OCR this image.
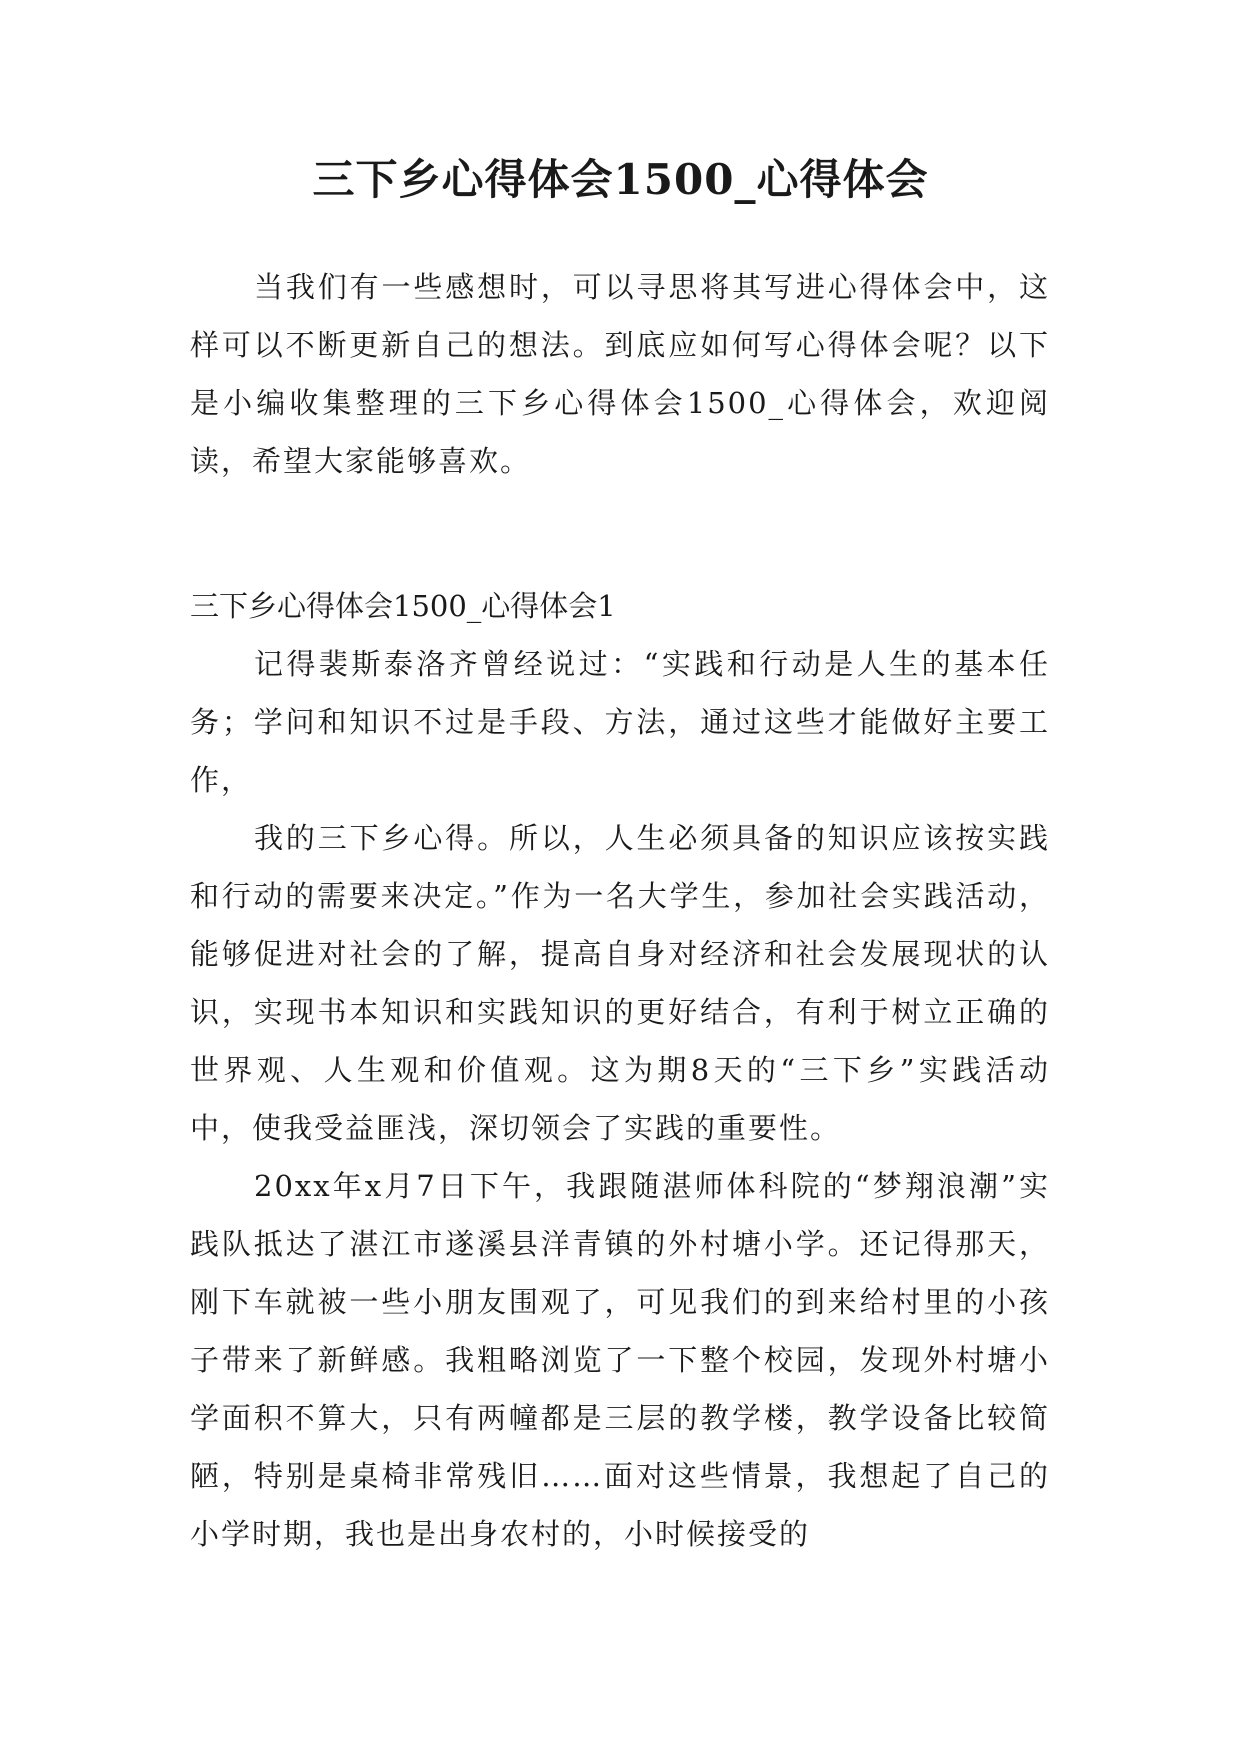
三下乡心得体会1500_心得体会

当我们有一些感想时，可以寻思将其写进心得体会中，这样可以不断更新自己的想法。到底应如何写心得体会呢？以下是小编收集整理的三下乡心得体会1500_心得体会，欢迎阅读，希望大家能够喜欢。

三下乡心得体会1500_心得体会1

记得裴斯泰洛齐曾经说过：“实践和行动是人生的基本任务；学问和知识不过是手段、方法，通过这些才能做好主要工作，

我的三下乡心得。所以，人生必须具备的知识应该按实践和行动的需要来决定。”作为一名大学生，参加社会实践活动，能够促进对社会的了解，提高自身对经济和社会发展现状的认识，实现书本知识和实践知识的更好结合，有利于树立正确的世界观、人生观和价值观。这为期8天的“三下乡”实践活动中，使我受益匪浅，深切领会了实践的重要性。

20xx年x月7日下午，我跟随湛师体科院的“梦翔浪潮”实践队抵达了湛江市遂溪县洋青镇的外村塘小学。还记得那天，刚下车就被一些小朋友围观了，可见我们的到来给村里的小孩子带来了新鲜感。我粗略浏览了一下整个校园，发现外村塘小学面积不算大，只有两幢都是三层的教学楼，教学设备比较简陋，特别是桌椅非常残旧……面对这些情景，我想起了自己的小学时期，我也是出身农村的，小时候接受的
